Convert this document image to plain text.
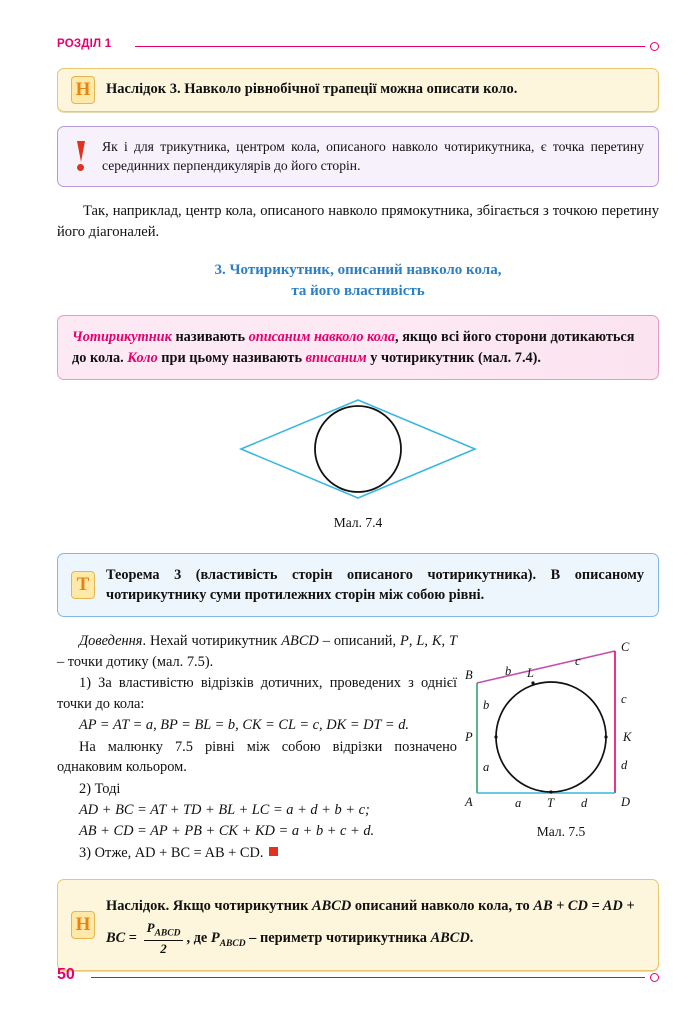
РОЗДІЛ 1
Н	Наслідок 3. Навколо рівнобічної трапеції можна описати коло.
Як і для трикутника, центром кола, описаного навколо чотирикутника, є точка перетину серединних перпендикулярів до його сторін.

Так, наприклад, центр кола, описаного навколо прямокутника, збігається з точкою перетину його діагоналей.

3. Чотирикутник, описаний навколо кола,
та його властивість
Чотирикутник називають описаним навколо кола, якщо всі його сторони дотикаються до кола. Коло при цьому називають вписаним у чотирикутник (мал. 7.4).
Мал. 7.4
Т	Теорема 3 (властивість сторін описаного чотирикутника). В описаному чотирикутнику суми протилежних сторін між собою рівні.

Доведення. Нехай чотирикутник ABCD – описаний, P, L, K, T – точки дотику (мал. 7.5).

1) За властивістю відрізків дотичних, проведених з однієї точки до кола:

AP = AT = a, BP = BL = b, CK = CL = c, DK = DT = d.

На малюнку 7.5 рівні між собою відрізки позначено однаковим кольором.

2) Тоді

AD + BC = AT + TD + BL + LC = a + d + b + c;

AB + CD = AP + PB + CK + KD = a + b + c + d.

3) Отже, AD + BC = AB + CD.

A
B
C
D
P	K
L
T
a
a
b
b
c
c
d
d
Мал. 7.5
Н
Наслідок. Якщо чотирикутник ABCD описаний навколо кола, то AB + CD = AD + BC = $\frac{P_{ABCD}}{2}$ , де $P_{ABCD}$ – периметр чотирикутника ABCD.
50
